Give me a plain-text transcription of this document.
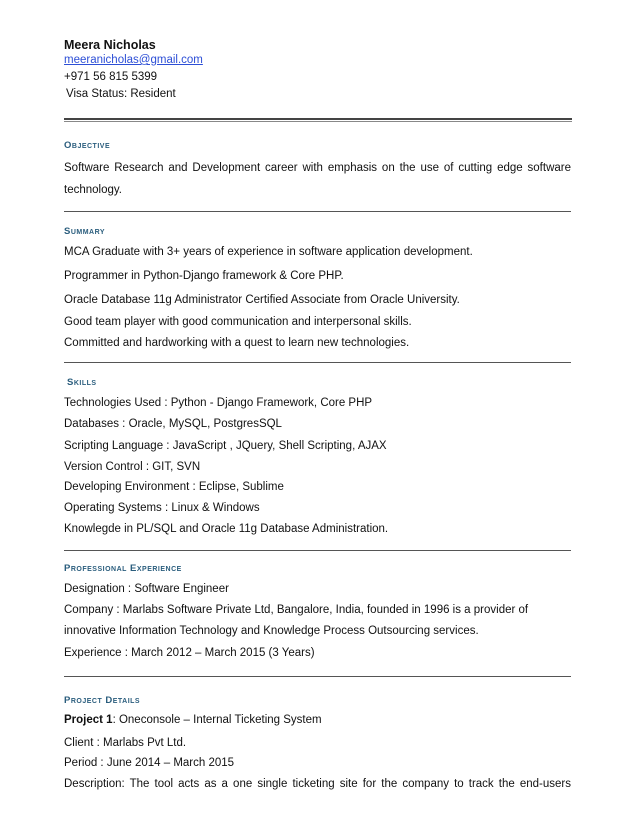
Meera Nicholas
meeranicholas@gmail.com
+971 56 815 5399
Visa Status: Resident
Objective
Software Research and Development career with emphasis on the use of cutting edge software
technology.
Summary
MCA Graduate with 3+ years of experience in software application development.
Programmer in Python-Django framework & Core PHP.
Oracle Database 11g Administrator Certified Associate from Oracle University.
Good team player with good communication and interpersonal skills.
Committed and hardworking with a quest to learn new technologies.
Skills
Technologies Used : Python - Django Framework, Core PHP
Databases : Oracle, MySQL, PostgresSQL
Scripting Language : JavaScript , JQuery, Shell Scripting, AJAX
Version Control : GIT, SVN
Developing Environment : Eclipse, Sublime
Operating Systems : Linux & Windows
Knowlegde in PL/SQL and Oracle 11g Database Administration.
Professional Experience
Designation : Software Engineer
Company : Marlabs Software Private Ltd, Bangalore, India, founded in 1996 is a provider of
innovative Information Technology and Knowledge Process Outsourcing services.
Experience : March 2012 – March 2015 (3 Years)
Project Details
Project 1: Oneconsole – Internal Ticketing System
Client : Marlabs Pvt Ltd.
Period : June 2014 – March 2015
Description: The tool acts as a one single ticketing site for the company to track the end-users
